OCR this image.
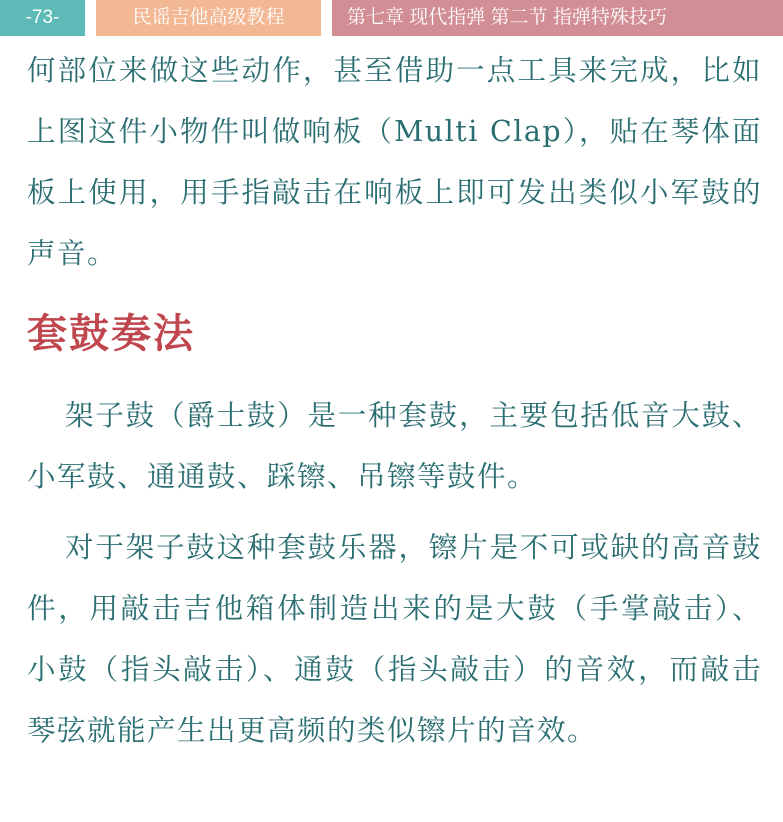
-73-	民谣吉他高级教程	第七章 现代指弹 第二节 指弹特殊技巧

何部位来做这些动作，甚至借助一点工具来完成，比如上图这件小物件叫做响板（Multi Clap），贴在琴体面板上使用，用手指敲击在响板上即可发出类似小军鼓的声音。

套鼓奏法

架子鼓（爵士鼓）是一种套鼓，主要包括低音大鼓、小军鼓、通通鼓、踩镲、吊镲等鼓件。

对于架子鼓这种套鼓乐器，镲片是不可或缺的高音鼓件，用敲击吉他箱体制造出来的是大鼓（手掌敲击）、小鼓（指头敲击）、通鼓（指头敲击）的音效，而敲击琴弦就能产生出更高频的类似镲片的音效。
